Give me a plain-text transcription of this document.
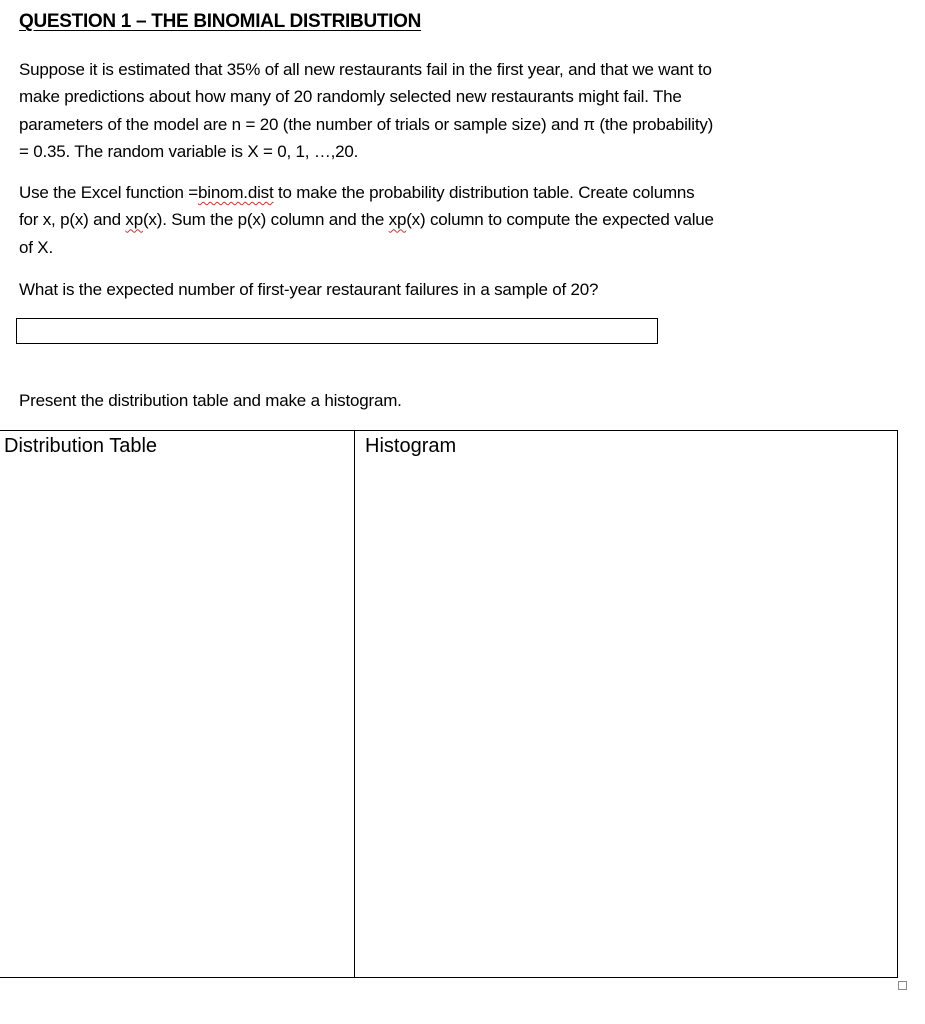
QUESTION 1 – THE BINOMIAL DISTRIBUTION

Suppose it is estimated that 35% of all new restaurants fail in the first year, and that we want to
make predictions about how many of 20 randomly selected new restaurants might fail. The
parameters of the model are n = 20 (the number of trials or sample size) and π (the probability)
= 0.35. The random variable is X = 0, 1, …,20.

Use the Excel function =binom.dist to make the probability distribution table. Create columns
for x, p(x) and xp(x). Sum the p(x) column and the xp(x) column to compute the expected value
of X.

What is the expected number of first-year restaurant failures in a sample of 20?

Present the distribution table and make a histogram.

Distribution Table	Histogram
